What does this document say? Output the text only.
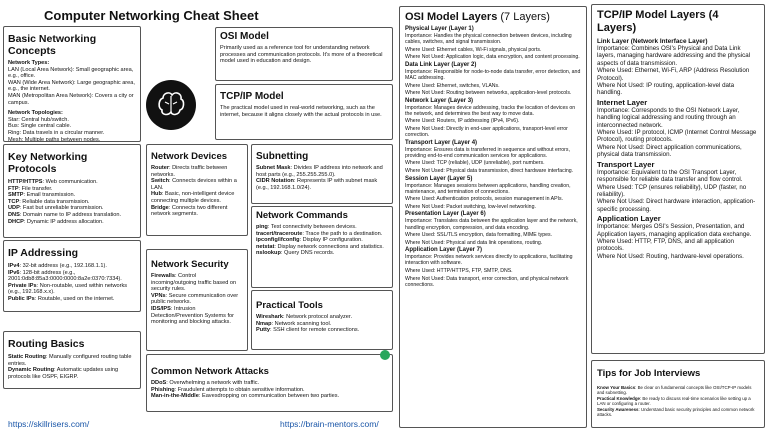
Computer Networking Cheat Sheet
Basic Networking Concepts
Network Types:
LAN (Local Area Network): Small geographic area, e.g., office.
WAN (Wide Area Network): Large geographic area, e.g., the internet.
MAN (Metropolitan Area Network): Covers a city or campus.
Network Topologies:
Star: Central hub/switch.
Bus: Single central cable.
Ring: Data travels in a circular manner.
Mesh: Multiple paths between nodes.
OSI Model
Primarily used as a reference tool for understanding network processes and communication protocols. It's more of a theoretical model used in education and design.
TCP/IP Model
The practical model used in real-world networking, such as the internet, because it aligns closely with the actual protocols in use.
Key Networking Protocols
HTTP/HTTPS: Web communication.
FTP: File transfer.
SMTP: Email transmission.
TCP: Reliable data transmission.
UDP: Fast but unreliable transmission.
DNS: Domain name to IP address translation.
DHCP: Dynamic IP address allocation.
Network Devices
Router: Directs traffic between networks.
Switch: Connects devices within a LAN.
Hub: Basic, non-intelligent device connecting multiple devices.
Bridge: Connects two different network segments.
Subnetting
Subnet Mask: Divides IP address into network and host parts (e.g., 255.255.255.0).
CIDR Notation: Represents IP with subnet mask (e.g., 192.168.1.0/24).
Network Commands
ping: Test connectivity between devices.
tracert/traceroute: Trace the path to a destination.
ipconfig/ifconfig: Display IP configuration.
netstat: Display network connections and statistics.
nslookup: Query DNS records.
IP Addressing
IPv4: 32-bit address (e.g., 192.168.1.1).
IPv6: 128-bit address (e.g., 2001:0db8:85a3:0000:0000:8a2e:0370:7334).
Private IPs: Non-routable, used within networks (e.g., 192.168.x.x).
Public IPs: Routable, used on the internet.
Network Security
Firewalls: Control incoming/outgoing traffic based on security rules.
VPNs: Secure communication over public networks.
IDS/IPS: Intrusion Detection/Prevention Systems for monitoring and blocking attacks.
Practical Tools
Wireshark: Network protocol analyzer.
Nmap: Network scanning tool.
Putty: SSH client for remote connections.
Routing Basics
Static Routing: Manually configured routing table entries.
Dynamic Routing: Automatic updates using protocols like OSPF, EIGRP.	Common Network Attacks
DDoS: Overwhelming a network with traffic.
Phishing: Fraudulent attempts to obtain sensitive information.
Man-in-the-Middle: Eavesdropping on communication between two parties.
OSI Model Layers (7 Layers)
Physical Layer (Layer 1)
Importance: Handles the physical connection between devices, including cables, switches, and signal transmission.
Where Used: Ethernet cables, Wi-Fi signals, physical ports.
Where Not Used: Application logic, data encryption, and content processing.
Data Link Layer (Layer 2)
Importance: Responsible for node-to-node data transfer, error detection, and MAC addressing.
Where Used: Ethernet, switches, VLANs.
Where Not Used: Routing between networks, application-level protocols.
Network Layer (Layer 3)
Importance: Manages device addressing, tracks the location of devices on the network, and determines the best way to move data.
Where Used: Routers, IP addressing (IPv4, IPv6).
Where Not Used: Directly in end-user applications, transport-level error correction.
Transport Layer (Layer 4)
Importance: Ensures data is transferred in sequence and without errors, providing end-to-end communication services for applications.
Where Used: TCP (reliable), UDP (unreliable), port numbers.
Where Not Used: Physical data transmission, direct hardware interfacing.
Session Layer (Layer 5)
Importance: Manages sessions between applications, handling creation, maintenance, and termination of connections.
Where Used: Authentication protocols, session management in APIs.
Where Not Used: Packet switching, low-level networking.
Presentation Layer (Layer 6)
Importance: Translates data between the application layer and the network, handling encryption, compression, and data encoding.
Where Used: SSL/TLS encryption, data formatting, MIME types.
Where Not Used: Physical and data link operations, routing.
Application Layer (Layer 7)
Importance: Provides network services directly to applications, facilitating interaction with software.
Where Used: HTTP/HTTPS, FTP, SMTP, DNS.
Where Not Used: Data transport, error correction, and physical network connections.
TCP/IP Model Layers (4 Layers)
Link Layer (Network Interface Layer)
Importance: Combines OSI's Physical and Data Link layers, managing hardware addressing and the physical aspects of data transmission.
Where Used: Ethernet, Wi-Fi, ARP (Address Resolution Protocol).
Where Not Used: IP routing, application-level data handling.
Internet Layer
Importance: Corresponds to the OSI Network Layer, handling logical addressing and routing through an interconnected network.
Where Used: IP protocol, ICMP (Internet Control Message Protocol), routing protocols.
Where Not Used: Direct application communications, physical data transmission.
Transport Layer
Importance: Equivalent to the OSI Transport Layer, responsible for reliable data transfer and flow control.
Where Used: TCP (ensures reliability), UDP (faster, no reliability).
Where Not Used: Direct hardware interaction, application-specific processing.
Application Layer
Importance: Merges OSI's Session, Presentation, and Application layers, managing application data exchange.
Where Used: HTTP, FTP, DNS, and all application protocols.
Where Not Used: Routing, hardware-level operations.
Tips for Job Interviews
Know Your Basics: Be clear on fundamental concepts like OSI/TCP-IP models and subnetting.
Practical Knowledge: Be ready to discuss real-time scenarios like setting up a LAN or configuring a router.
Security Awareness: Understand basic security principles and common network attacks.
https://skillrisers.com/	https://brain-mentors.com/
